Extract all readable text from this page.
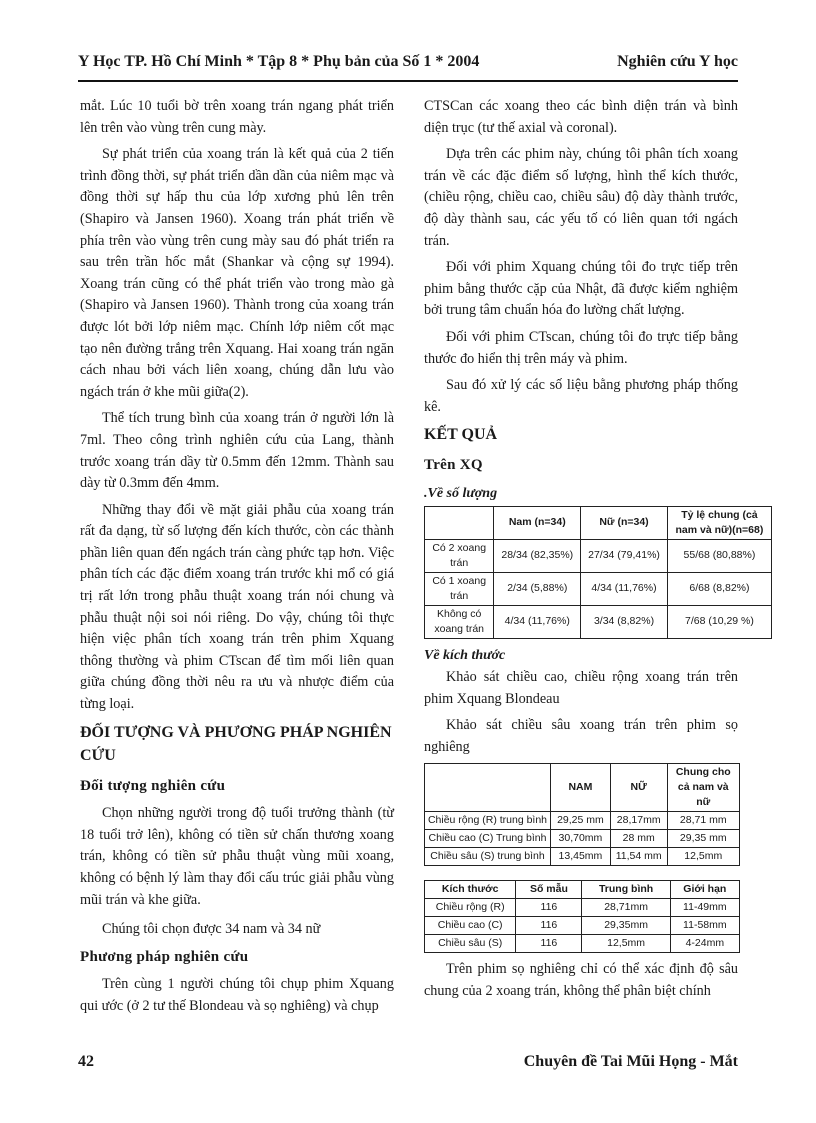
Y Học TP. Hồ Chí Minh * Tập 8 * Phụ bản của Số 1 * 2004	Nghiên cứu Y học

mắt. Lúc 10 tuổi bờ trên xoang trán ngang phát triển lên trên vào vùng trên cung mày.

Sự phát triển của xoang trán là kết quả của 2 tiến trình đồng thời, sự phát triển dần dần của niêm mạc và đồng thời sự hấp thu của lớp xương phủ lên trên (Shapiro và Jansen 1960). Xoang trán phát triển về phía trên vào vùng trên cung mày sau đó phát triển ra sau trên trần hốc mắt (Shankar và cộng sự 1994). Xoang trán cũng có thể phát triển vào trong mào gà (Shapiro và Jansen 1960). Thành trong của xoang trán được lót bởi lớp niêm mạc. Chính lớp niêm cốt mạc tạo nên đường trắng trên Xquang. Hai xoang trán ngăn cách nhau bởi vách liên xoang, chúng dẫn lưu vào ngách trán ở khe mũi giữa(2).

Thể tích trung bình của xoang trán ở người lớn là 7ml. Theo công trình nghiên cứu của Lang, thành trước xoang trán dầy từ 0.5mm đến 12mm. Thành sau dày từ 0.3mm đến 4mm.

Những thay đổi về mặt giải phẫu của xoang trán rất đa dạng, từ số lượng đến kích thước, còn các thành phần liên quan đến ngách trán càng phức tạp hơn. Việc phân tích các đặc điểm xoang trán trước khi mổ có giá trị rất lớn trong phẫu thuật xoang trán nói chung và phẫu thuật nội soi nói riêng. Do vậy, chúng tôi thực hiện việc phân tích xoang trán trên phim Xquang thông thường và phim CTscan để tìm mối liên quan giữa chúng đồng thời nêu ra ưu và nhược điểm của từng loại.

ĐỐI TƯỢNG VÀ PHƯƠNG PHÁP NGHIÊN CỨU
Đối tượng nghiên cứu

Chọn những người trong độ tuổi trưởng thành (từ 18 tuổi trở lên), không có tiền sử chấn thương xoang trán, không có tiền sử phẫu thuật vùng mũi xoang, không có bệnh lý làm thay đổi cấu trúc giải phẫu vùng mũi trán và khe giữa.

Chúng tôi chọn được 34 nam và 34 nữ

Phương pháp nghiên cứu

Trên cùng 1 người chúng tôi chụp phim Xquang qui ước (ở 2 tư thế Blondeau và sọ nghiêng) và chụp

CTSCan các xoang theo các bình diện trán và bình diện trục (tư thế axial và coronal).

Dựa trên các phim này, chúng tôi phân tích xoang trán về các đặc điểm số lượng, hình thể kích thước,(chiều rộng, chiều cao, chiều sâu) độ dày thành trước, độ dày thành sau, các yếu tố có liên quan tới ngách trán.

Đối với phim Xquang chúng tôi đo trực tiếp trên phim bằng thước cặp của Nhật, đã được kiểm nghiệm bởi trung tâm chuẩn hóa đo lường chất lượng.

Đối với phim CTscan, chúng tôi đo trực tiếp bằng thước đo hiển thị trên máy và phim.

Sau đó xử lý các số liệu bằng phương pháp thống kê.

KẾT QUẢ
Trên XQ
.Về số lượng
	Nam (n=34)	Nữ (n=34)	Tỷ lệ chung (cả nam và nữ)(n=68)
Có 2 xoang trán	28/34 (82,35%)	27/34 (79,41%)	55/68 (80,88%)
Có 1 xoang trán	2/34 (5,88%)	4/34 (11,76%)	6/68 (8,82%)
Không có xoang trán	4/34 (11,76%)	3/34 (8,82%)	7/68 (10,29 %)
Về kích thước

Khảo sát chiều cao, chiều rộng xoang trán trên phim Xquang Blondeau

Khảo sát chiều sâu xoang trán trên phim sọ nghiêng

	NAM	NỮ	Chung cho cả nam và nữ
Chiều rộng (R) trung bình	29,25 mm	28,17mm	28,71 mm
Chiều cao (C) Trung bình	30,70mm	28 mm	29,35 mm
Chiều sâu (S) trung bình	13,45mm	11,54 mm	12,5mm
Kích thước	Số mẫu	Trung bình	Giới hạn
Chiều rộng (R)	116	28,71mm	11-49mm
Chiều cao (C)	116	29,35mm	11-58mm
Chiều sâu (S)	116	12,5mm	4-24mm

Trên phim sọ nghiêng chỉ có thể xác định độ sâu chung của 2 xoang trán, không thể phân biệt chính

42	Chuyên đề Tai Mũi Họng - Mắt
